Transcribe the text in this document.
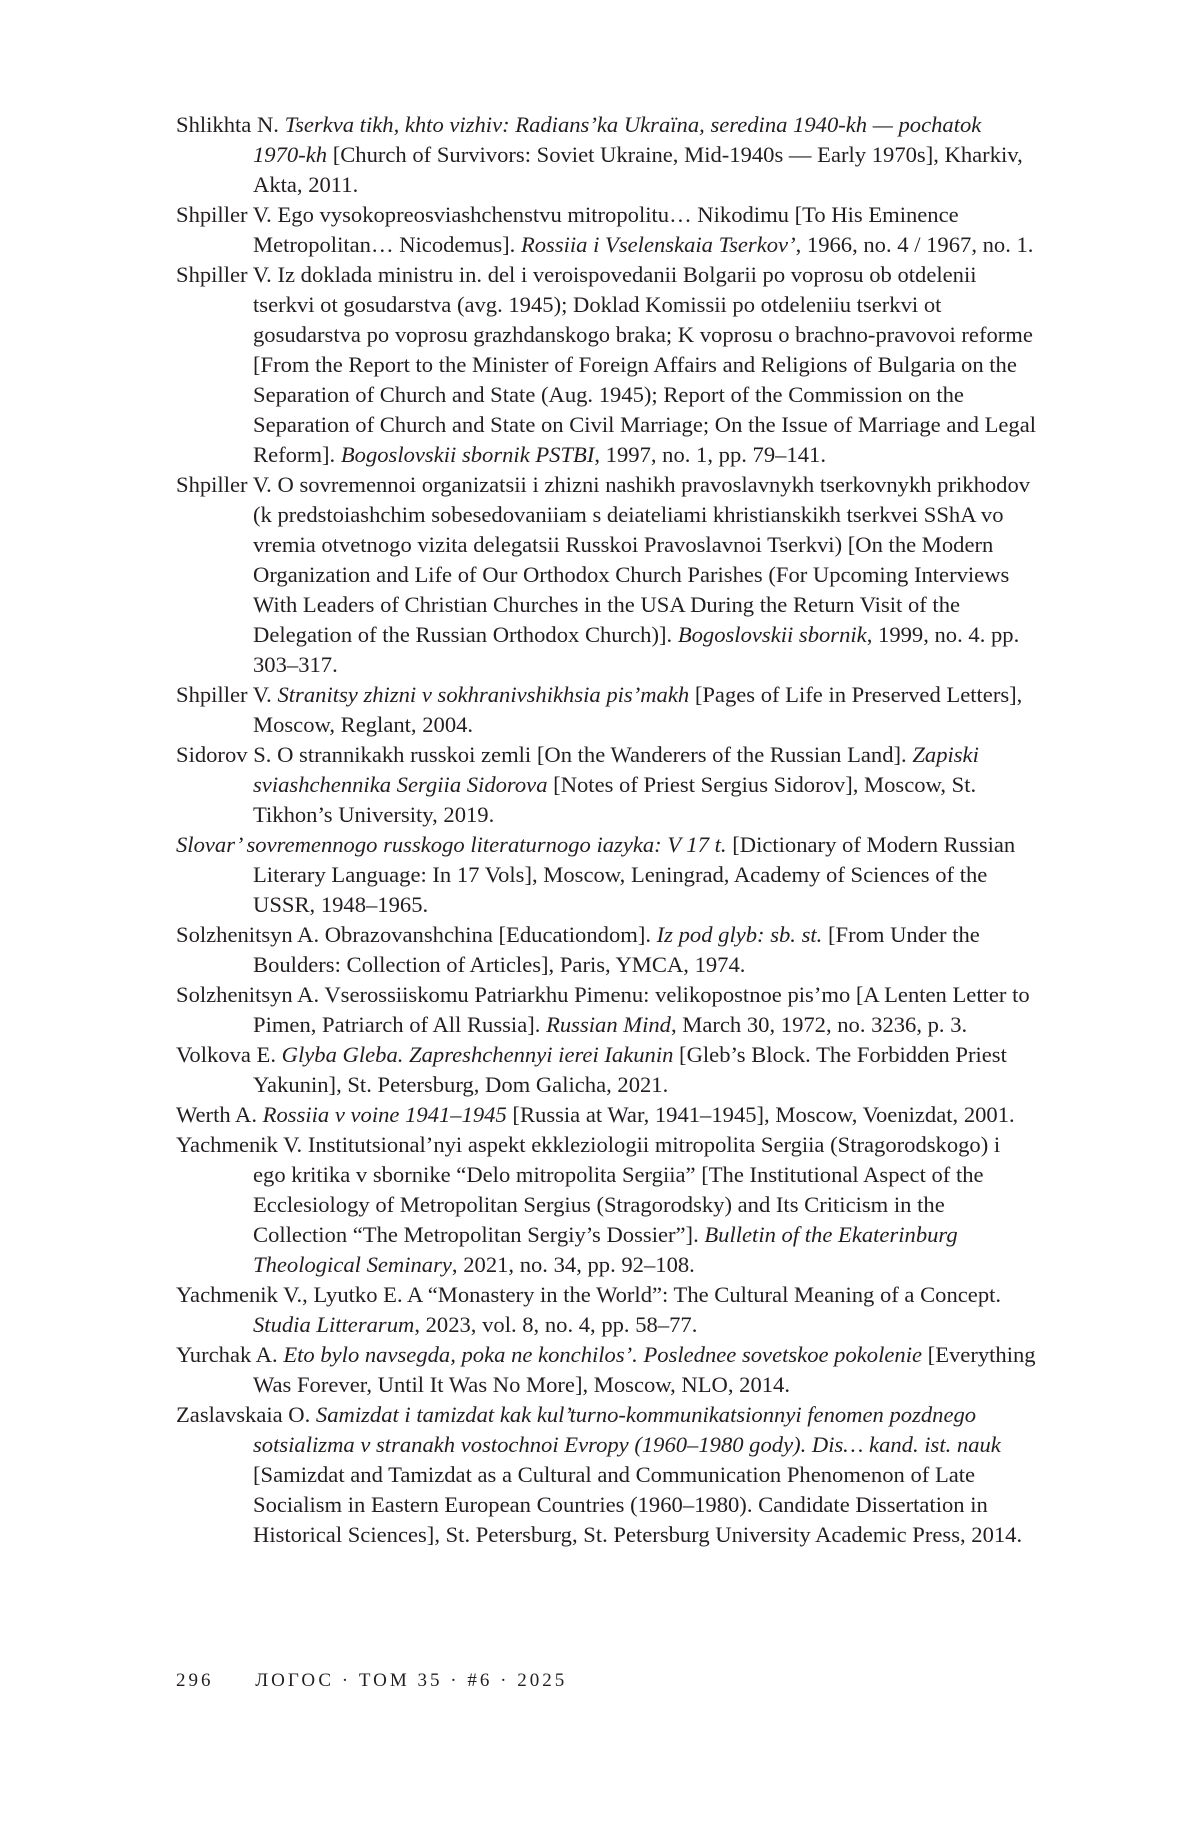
Shlikhta N. Tserkva tikh, khto vizhiv: Radians’ka Ukraïna, seredina 1940-kh — pochatok 1970-kh [Church of Survivors: Soviet Ukraine, Mid-1940s — Early 1970s], Kharkiv, Akta, 2011.
Shpiller V. Ego vysokopreosviashchenstvu mitropolitu… Nikodimu [To His Eminence Metropolitan… Nicodemus]. Rossiia i Vselenskaia Tserkov’, 1966, no. 4 / 1967, no. 1.
Shpiller V. Iz doklada ministru in. del i veroispovedanii Bolgarii po voprosu ob otdelenii tserkvi ot gosudarstva (avg. 1945); Doklad Komissii po otdeleniiu tserkvi ot gosudarstva po voprosu grazhdanskogo braka; K voprosu o brachno-pravovoi reforme [From the Report to the Minister of Foreign Affairs and Religions of Bulgaria on the Separation of Church and State (Aug. 1945); Report of the Commission on the Separation of Church and State on Civil Marriage; On the Issue of Marriage and Legal Reform]. Bogoslovskii sbornik PSTBI, 1997, no. 1, pp. 79–141.
Shpiller V. O sovremennoi organizatsii i zhizni nashikh pravoslavnykh tserkovnykh prikhodov (k predstoiashchim sobesedovaniiam s deiateliami khristianskikh tserkvei SShA vo vremia otvetnogo vizita delegatsii Russkoi Pravoslavnoi Tserkvi) [On the Modern Organization and Life of Our Orthodox Church Parishes (For Upcoming Interviews With Leaders of Christian Churches in the USA During the Return Visit of the Delegation of the Russian Orthodox Church)]. Bogoslovskii sbornik, 1999, no. 4. pp. 303–317.
Shpiller V. Stranitsy zhizni v sokhranivshikhsia pis’makh [Pages of Life in Preserved Letters], Moscow, Reglant, 2004.
Sidorov S. O strannikakh russkoi zemli [On the Wanderers of the Russian Land]. Zapiski sviashchennika Sergiia Sidorova [Notes of Priest Sergius Sidorov], Moscow, St. Tikhon’s University, 2019.
Slovar’ sovremennogo russkogo literaturnogo iazyka: V 17 t. [Dictionary of Modern Russian Literary Language: In 17 Vols], Moscow, Leningrad, Academy of Sciences of the USSR, 1948–1965.
Solzhenitsyn A. Obrazovanshchina [Educationdom]. Iz pod glyb: sb. st. [From Under the Boulders: Collection of Articles], Paris, YMCA, 1974.
Solzhenitsyn A. Vserossiiskomu Patriarkhu Pimenu: velikopostnoe pis’mo [A Lenten Letter to Pimen, Patriarch of All Russia]. Russian Mind, March 30, 1972, no. 3236, p. 3.
Volkova E. Glyba Gleba. Zapreshchennyi ierei Iakunin [Gleb’s Block. The Forbidden Priest Yakunin], St. Petersburg, Dom Galicha, 2021.
Werth A. Rossiia v voine 1941–1945 [Russia at War, 1941–1945], Moscow, Voenizdat, 2001.
Yachmenik V. Institutsional’nyi aspekt ekkleziologii mitropolita Sergiia (Stragorodskogo) i ego kritika v sbornike “Delo mitropolita Sergiia” [The Institutional Aspect of the Ecclesiology of Metropolitan Sergius (Stragorodsky) and Its Criticism in the Collection “The Metropolitan Sergiy’s Dossier”]. Bulletin of the Ekaterinburg Theological Seminary, 2021, no. 34, pp. 92–108.
Yachmenik V., Lyutko E. A “Monastery in the World”: The Cultural Meaning of a Concept. Studia Litterarum, 2023, vol. 8, no. 4, pp. 58–77.
Yurchak A. Eto bylo navsegda, poka ne konchilos’. Poslednee sovetskoe pokolenie [Everything Was Forever, Until It Was No More], Moscow, NLO, 2014.
Zaslavskaia O. Samizdat i tamizdat kak kul’turno-kommunikatsionnyi fenomen pozdnego sotsializma v stranakh vostochnoi Evropy (1960–1980 gody). Dis… kand. ist. nauk [Samizdat and Tamizdat as a Cultural and Communication Phenomenon of Late Socialism in Eastern European Countries (1960–1980). Candidate Dissertation in Historical Sciences], St. Petersburg, St. Petersburg University Academic Press, 2014.
296 ЛОГОС · ТОМ 35 · #6 · 2025
